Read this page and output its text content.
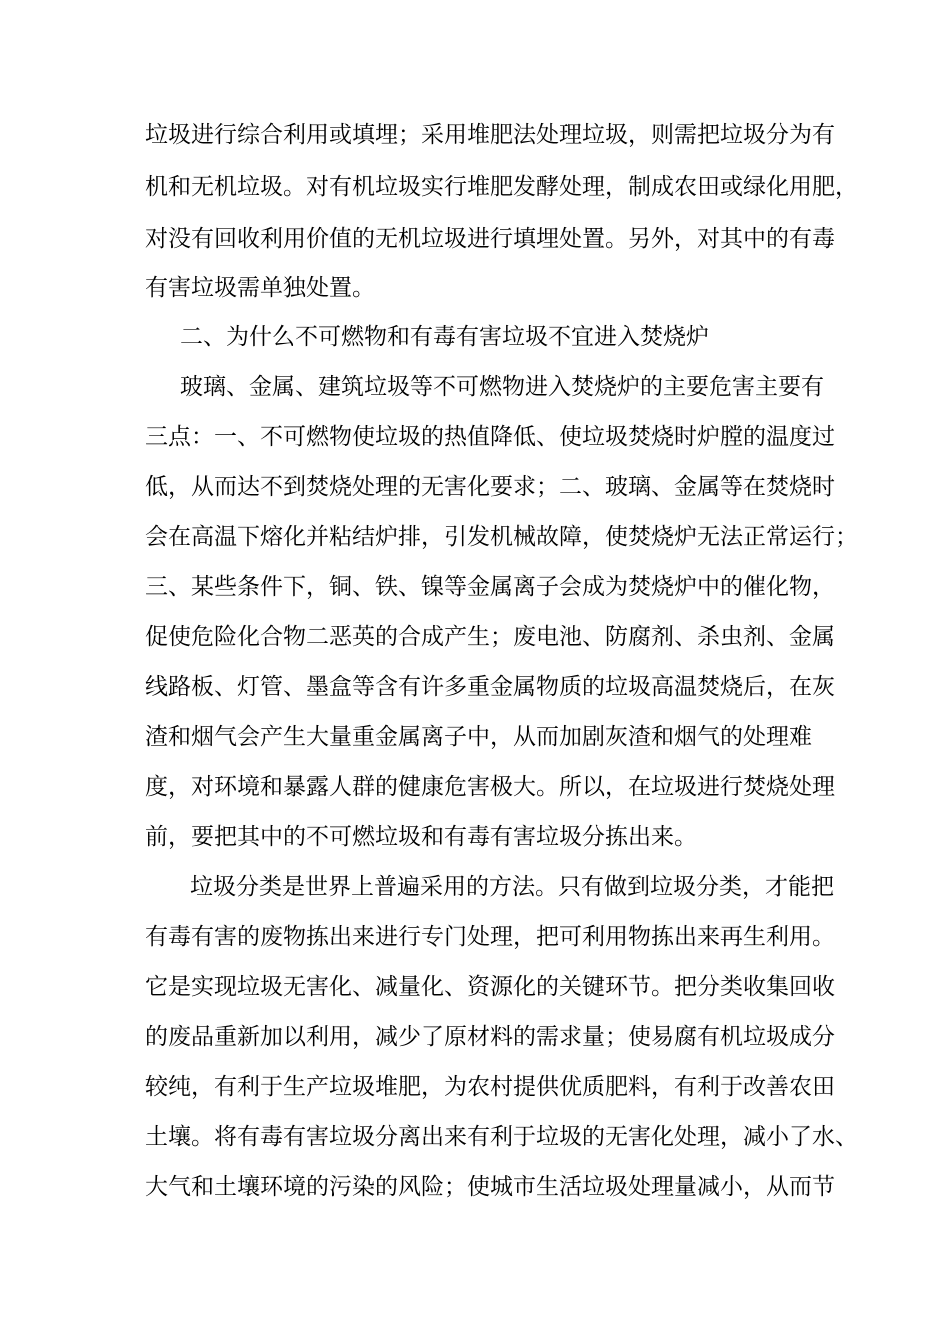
垃圾进行综合利用或填埋；采用堆肥法处理垃圾，则需把垃圾分为有
机和无机垃圾。对有机垃圾实行堆肥发酵处理，制成农田或绿化用肥，
对没有回收利用价值的无机垃圾进行填埋处置。另外，对其中的有毒
有害垃圾需单独处置。
二、为什么不可燃物和有毒有害垃圾不宜进入焚烧炉
玻璃、金属、建筑垃圾等不可燃物进入焚烧炉的主要危害主要有
三点：一、不可燃物使垃圾的热值降低、使垃圾焚烧时炉膛的温度过
低，从而达不到焚烧处理的无害化要求；二、玻璃、金属等在焚烧时
会在高温下熔化并粘结炉排，引发机械故障，使焚烧炉无法正常运行；
三、某些条件下，铜、铁、镍等金属离子会成为焚烧炉中的催化物，
促使危险化合物二恶英的合成产生；废电池、防腐剂、杀虫剂、金属
线路板、灯管、墨盒等含有许多重金属物质的垃圾高温焚烧后，在灰
渣和烟气会产生大量重金属离子中，从而加剧灰渣和烟气的处理难
度，对环境和暴露人群的健康危害极大。所以，在垃圾进行焚烧处理
前，要把其中的不可燃垃圾和有毒有害垃圾分拣出来。
垃圾分类是世界上普遍采用的方法。只有做到垃圾分类，才能把
有毒有害的废物拣出来进行专门处理，把可利用物拣出来再生利用。
它是实现垃圾无害化、减量化、资源化的关键环节。把分类收集回收
的废品重新加以利用，减少了原材料的需求量；使易腐有机垃圾成分
较纯，有利于生产垃圾堆肥，为农村提供优质肥料，有利于改善农田
土壤。将有毒有害垃圾分离出来有利于垃圾的无害化处理，减小了水、
大气和土壤环境的污染的风险；使城市生活垃圾处理量减小，从而节
